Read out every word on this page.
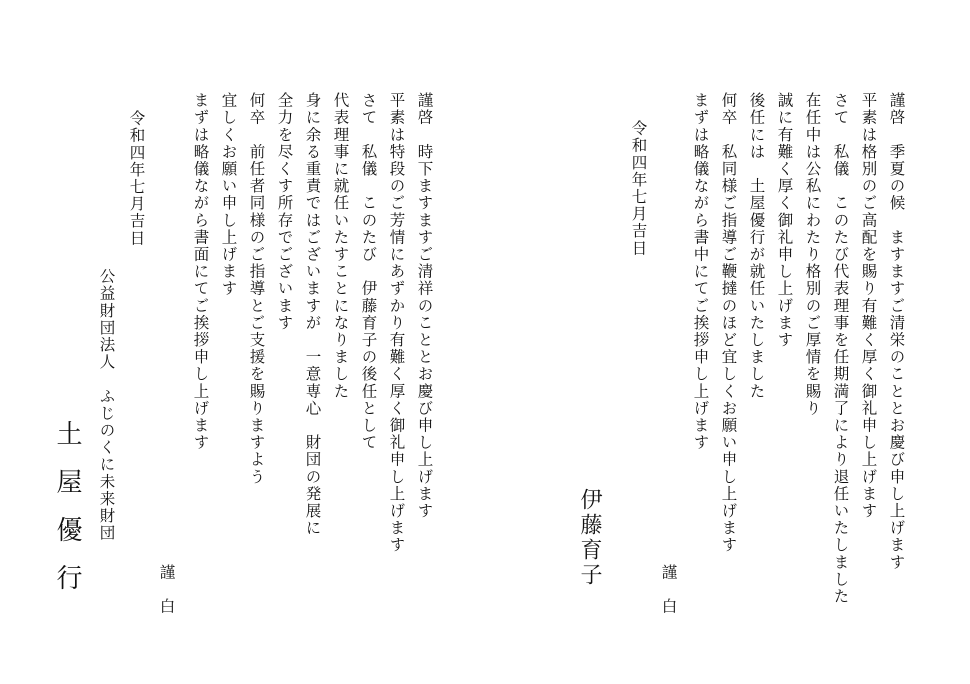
謹啓　季夏の候　ますますご清栄のこととお慶び申し上げます
平素は格別のご高配を賜り有難く厚く御礼申し上げます
さて　私儀　このたび代表理事を任期満了により退任いたしました
在任中は公私にわたり格別のご厚情を賜り
誠に有難く厚く御礼申し上げます
後任には　土屋優行が就任いたしました
何卒　私同様ご指導ご鞭撻のほど宜しくお願い申し上げます
まずは略儀ながら書中にてご挨拶申し上げます
令和四年七月吉日
伊藤育子	謹
白
謹啓　時下ますますご清祥のこととお慶び申し上げます
平素は特段のご芳情にあずかり有難く厚く御礼申し上げます
さて　私儀　このたび　伊藤育子の後任として
代表理事に就任いたすことになりました
身に余る重責ではございますが　一意専心　財団の発展に
全力を尽くす所存でございます
何卒　前任者同様のご指導とご支援を賜りますよう
宜しくお願い申し上げます
まずは略儀ながら書面にてご挨拶申し上げます
令和四年七月吉日
公益財団法人　ふじのくに未来財団
土屋優行	謹
白
